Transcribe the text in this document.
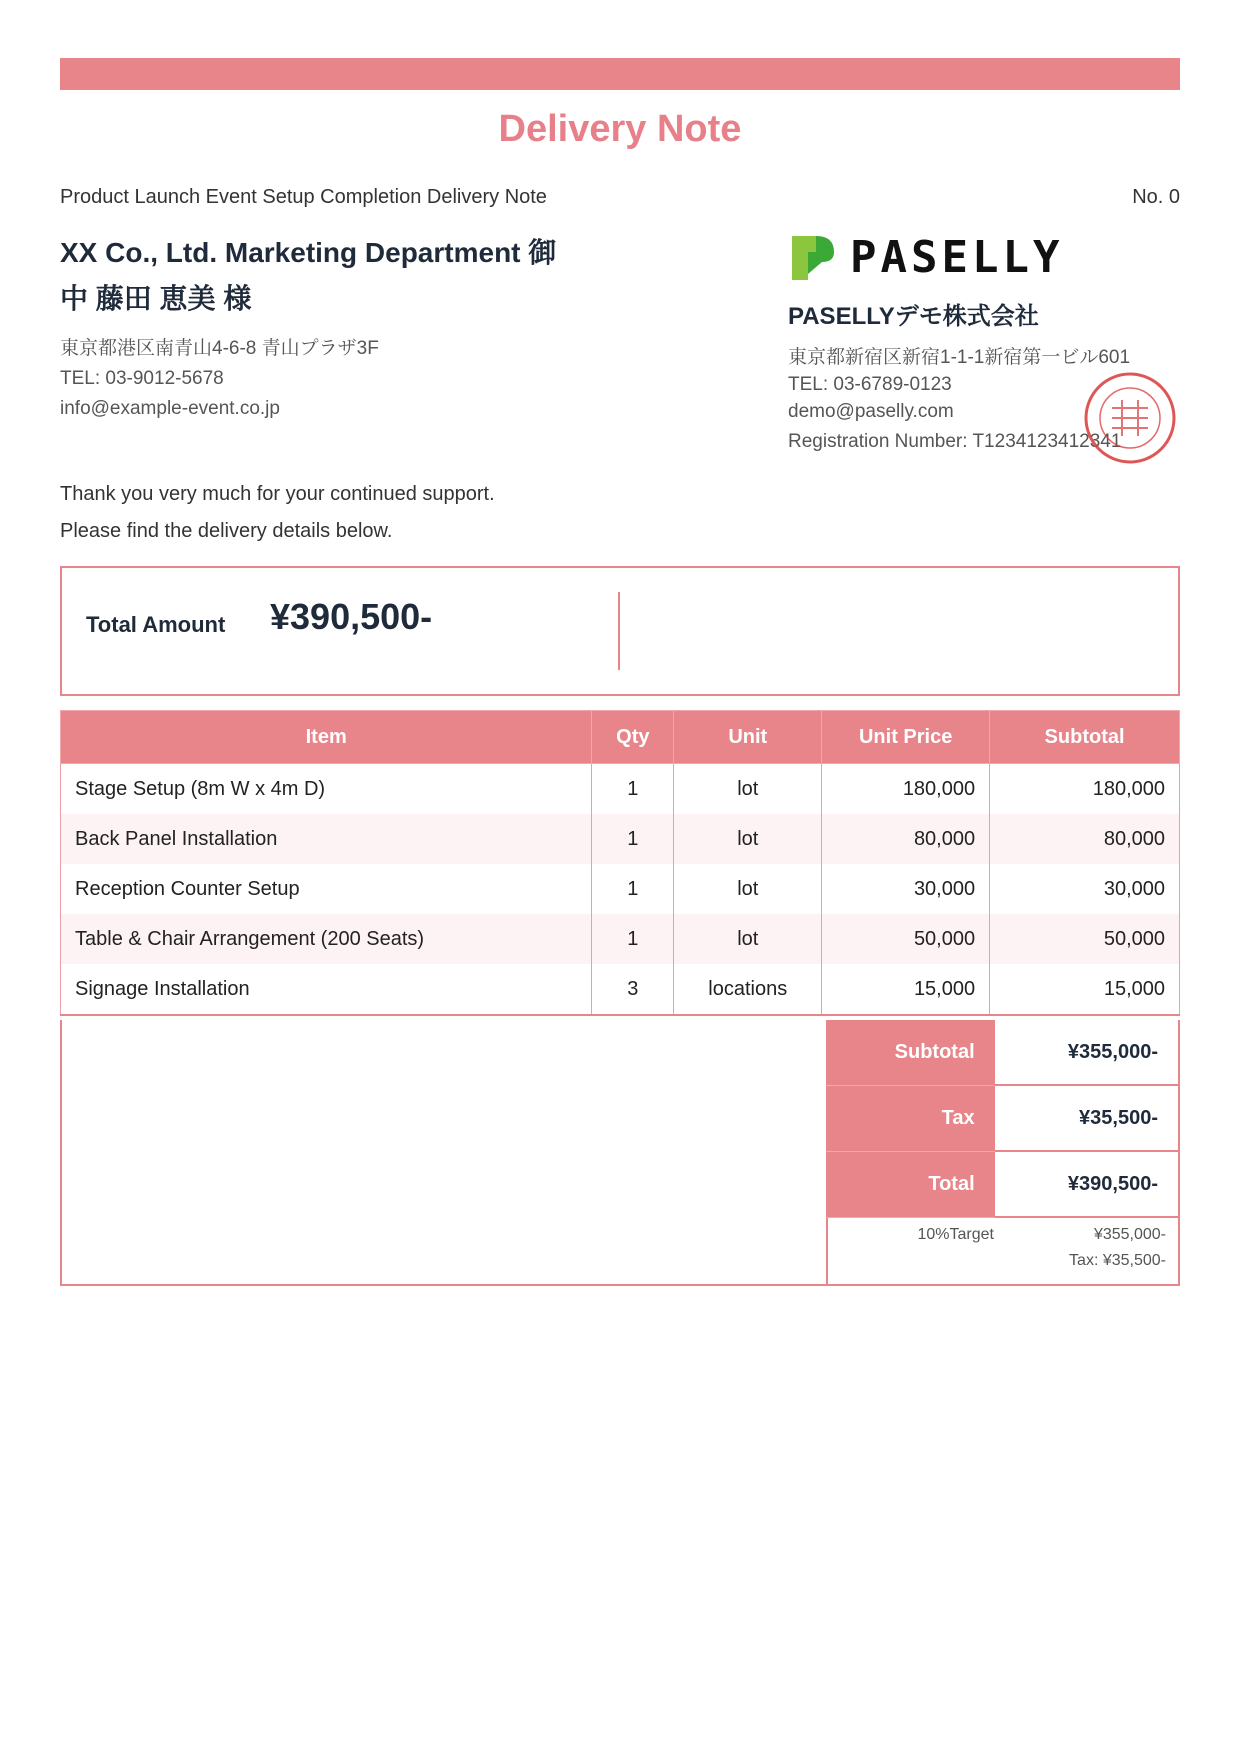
Delivery Note
Product Launch Event Setup Completion Delivery Note	No. 0
XX Co., Ltd. Marketing Department 御
中 藤田 恵美 様
東京都港区南青山4-6-8 青山プラザ3F
TEL: 03-9012-5678
info@example-event.co.jp
PASELLY
PASELLYデモ株式会社
東京都新宿区新宿1-1-1新宿第一ビル601
TEL: 03-6789-0123
demo@paselly.com
Registration Number: T1234123412341
Thank you very much for your continued support.
Please find the delivery details below.
Total Amount ¥390,500-
Item	Qty	Unit	Unit Price	Subtotal
Stage Setup (8m W x 4m D)	1	lot	180,000	180,000
Back Panel Installation	1	lot	80,000	80,000
Reception Counter Setup	1	lot	30,000	30,000
Table & Chair Arrangement (200 Seats)	1	lot	50,000	50,000
Signage Installation	3	locations	15,000	15,000
Subtotal	¥355,000-
Tax	¥35,500-
Total	¥390,500-
10%Target	¥355,000-
Tax: ¥35,500-
